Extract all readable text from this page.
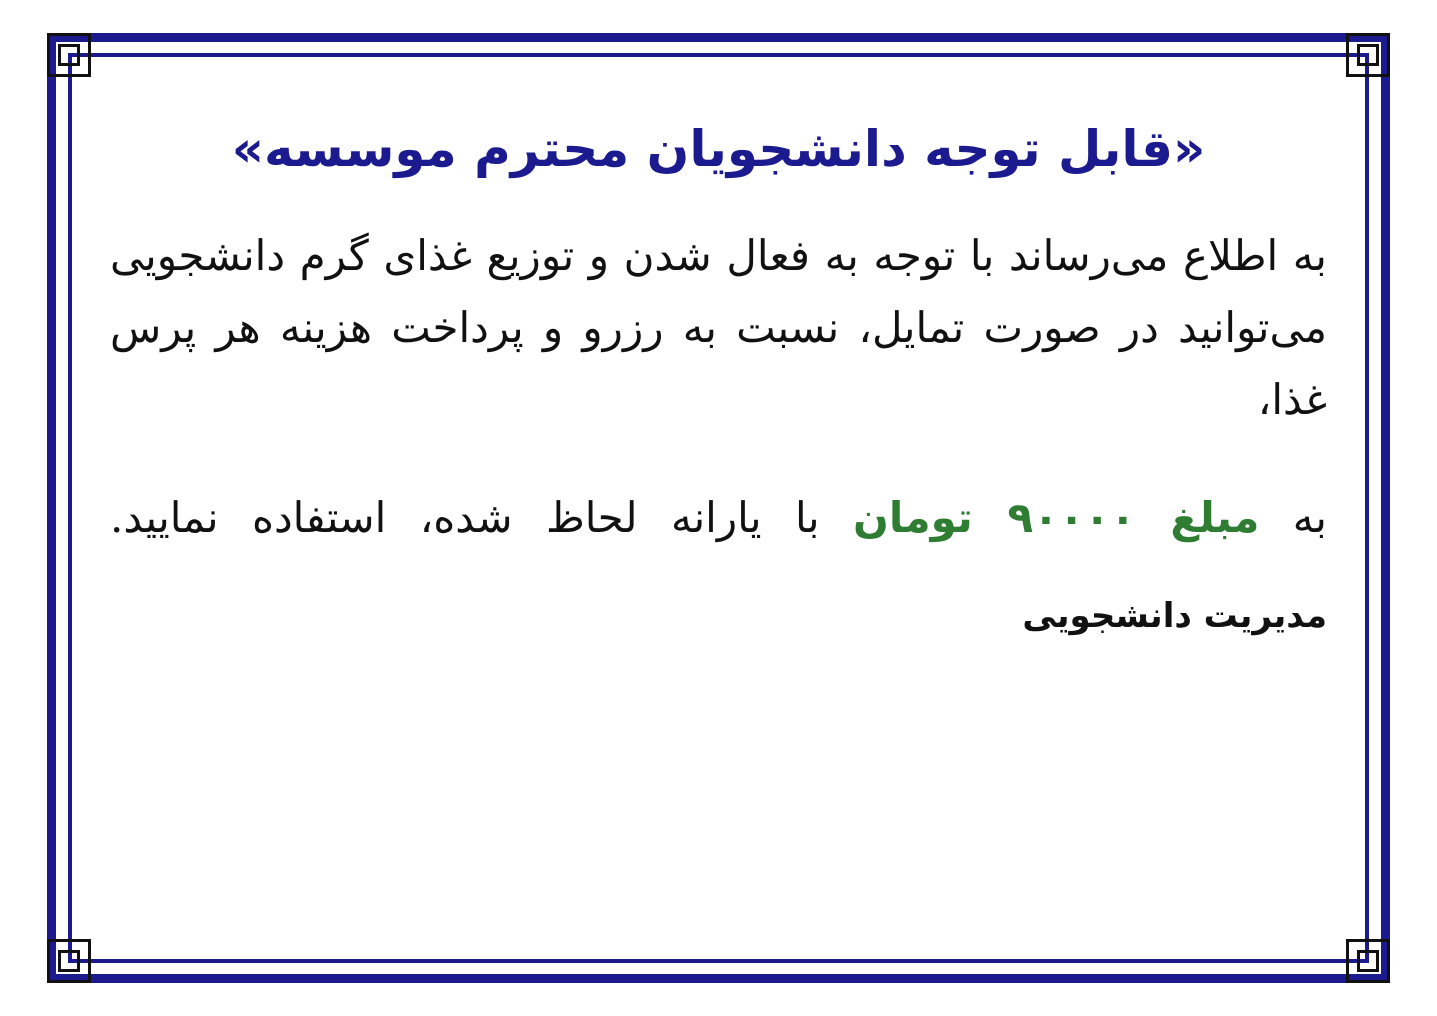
«قابل توجه دانشجویان محترم موسسه»

به اطلاع می‌رساند با توجه به فعال شدن و توزیع غذای گرم دانشجویی می‌توانید در صورت تمایل، نسبت به رزرو و پرداخت هزینه هر پرس غذا،

به مبلغ ۹۰۰۰۰ تومان با یارانه لحاظ شده، استفاده نمایید.

مدیریت دانشجویی
